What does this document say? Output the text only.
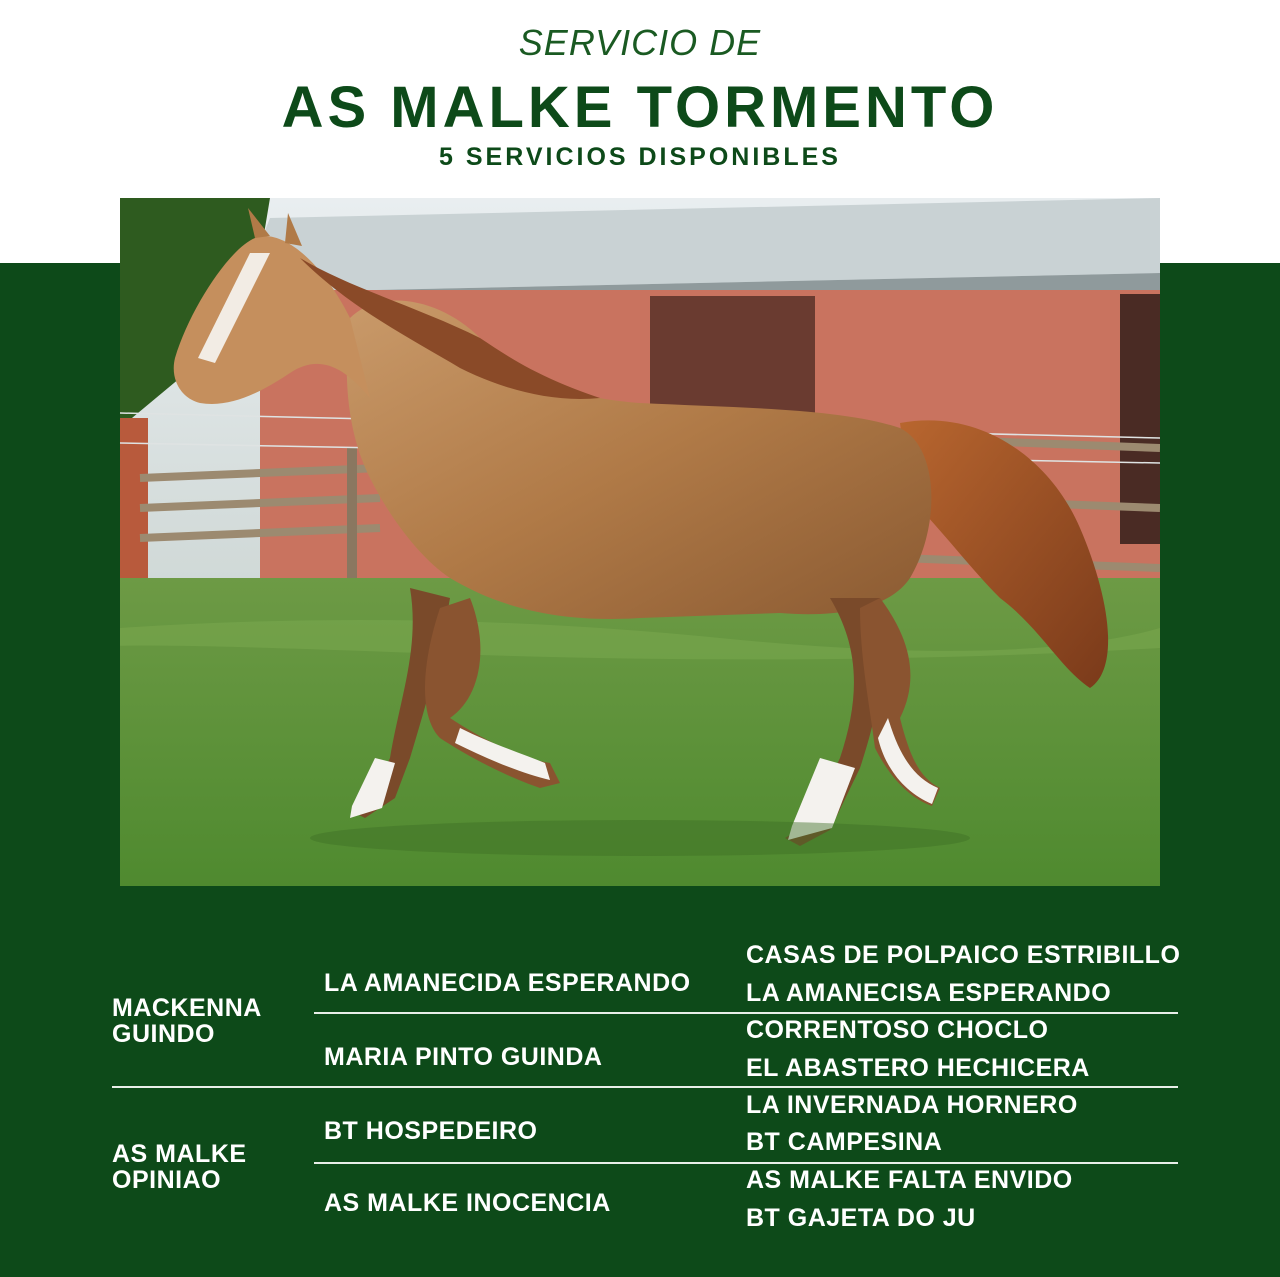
SERVICIO DE
AS MALKE TORMENTO
5 SERVICIOS DISPONIBLES
MACKENNA
GUINDO
AS MALKE
OPINIAO
LA AMANECIDA ESPERANDO
MARIA PINTO GUINDA
BT HOSPEDEIRO
AS MALKE INOCENCIA
CASAS DE POLPAICO ESTRIBILLO
LA AMANECISA ESPERANDO
CORRENTOSO CHOCLO
EL ABASTERO HECHICERA
LA INVERNADA HORNERO
BT CAMPESINA
AS MALKE FALTA ENVIDO
BT GAJETA DO JU
